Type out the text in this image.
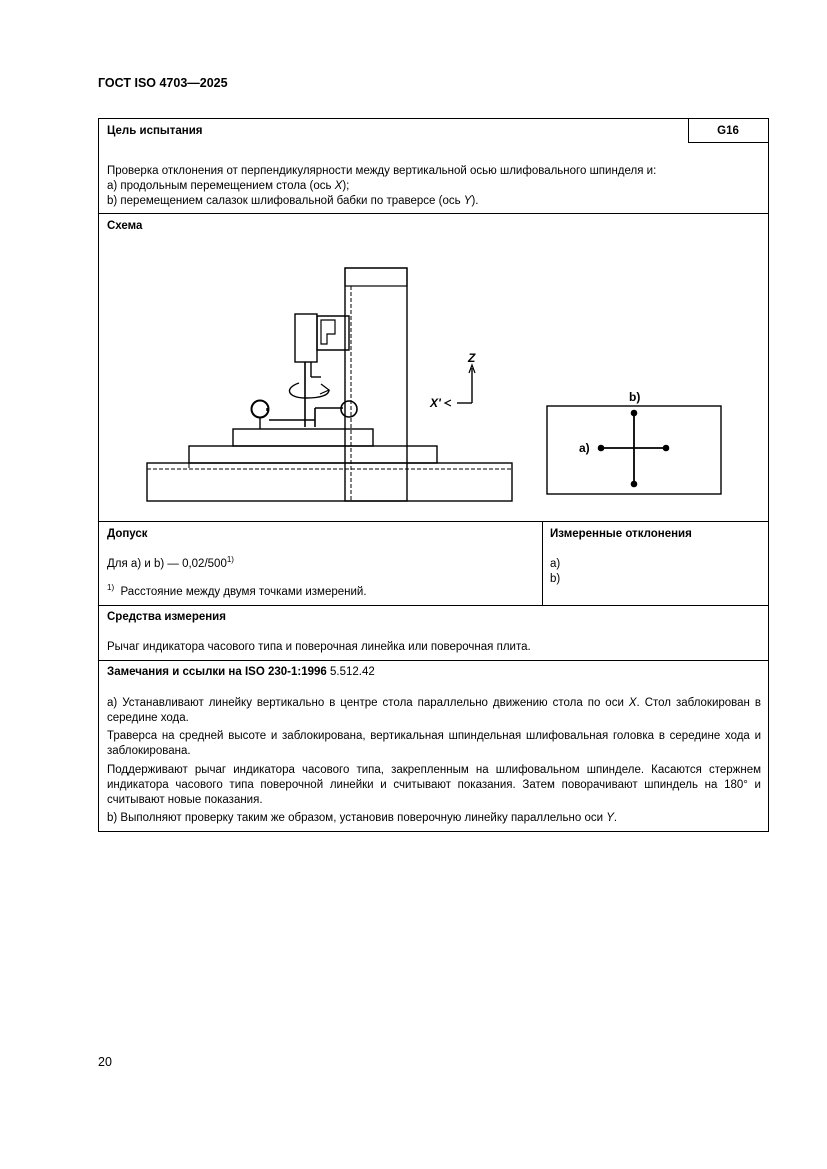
ГОСТ ISO 4703—2025
Цель испытания	G16
Проверка отклонения от перпендикулярности между вертикальной осью шлифовального шпинделя и:
a) продольным перемещением стола (ось X);
b) перемещением салазок шлифовальной бабки по траверсе (ось Y).
Схема
Z
X'
a)
b)
Допуск
Для a) и b) — 0,02/500$^{1)}$
$^{1)}$ Расстояние между двумя точками измерений.
Измеренные отклонения
a)
b)
Средства измерения
Рычаг индикатора часового типа и поверочная линейка или поверочная плита.
Замечания и ссылки на ISO 230-1:1996 5.512.42
a) Устанавливают линейку вертикально в центре стола параллельно движению стола по оси X. Стол заблокирован в середине хода.
Траверса на средней высоте и заблокирована, вертикальная шпиндельная шлифовальная головка в середине хода и заблокирована.
Поддерживают рычаг индикатора часового типа, закрепленным на шлифовальном шпинделе. Касаются стержнем индикатора часового типа поверочной линейки и считывают показания. Затем поворачивают шпиндель на 180° и считывают новые показания.
b) Выполняют проверку таким же образом, установив поверочную линейку параллельно оси Y.
20
